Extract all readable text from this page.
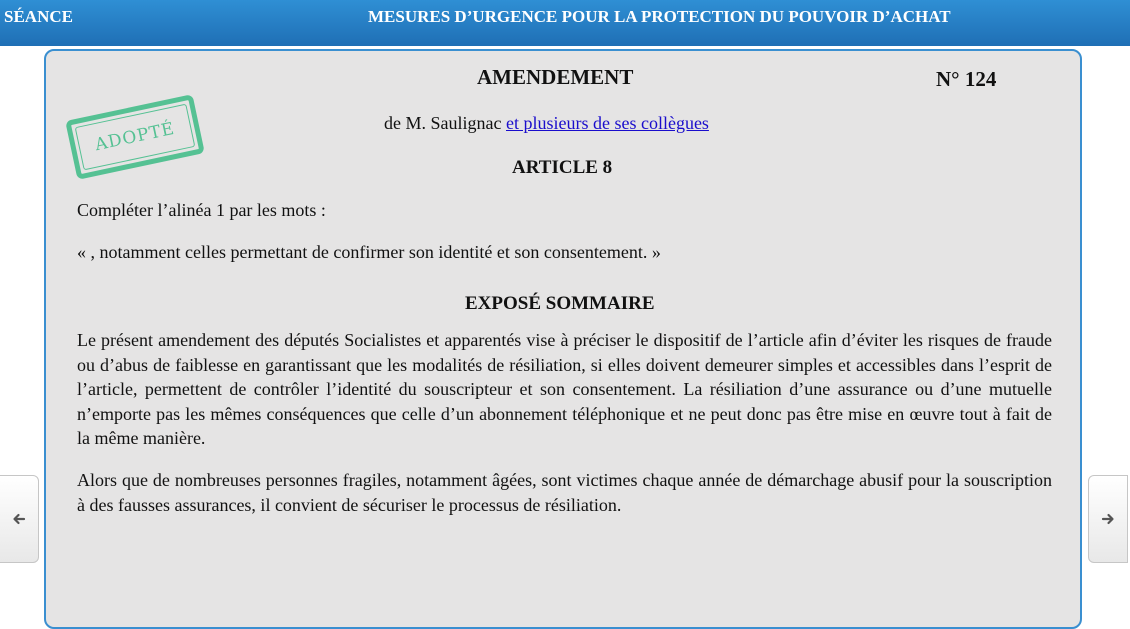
SÉANCE	MESURES D’URGENCE POUR LA PROTECTION DU POUVOIR D’ACHAT
AMENDEMENT	N° 124
ADOPTÉ	de M. Saulignac et plusieurs de ses collègues
ARTICLE 8
Compléter l’alinéa 1 par les mots :
« , notamment celles permettant de confirmer son identité et son consentement. »
EXPOSÉ SOMMAIRE
Le présent amendement des députés Socialistes et apparentés vise à préciser le dispositif de l’article afin d’éviter les risques de fraude ou d’abus de faiblesse en garantissant que les modalités de résiliation, si elles doivent demeurer simples et accessibles dans l’esprit de l’article, permettent de contrôler l’identité du souscripteur et son consentement. La résiliation d’une assurance ou d’une mutuelle n’emporte pas les mêmes conséquences que celle d’un abonnement téléphonique et ne peut donc pas être mise en œuvre tout à fait de la même manière.
Alors que de nombreuses personnes fragiles, notamment âgées, sont victimes chaque année de démarchage abusif pour la souscription à des fausses assurances, il convient de sécuriser le processus de résiliation.
